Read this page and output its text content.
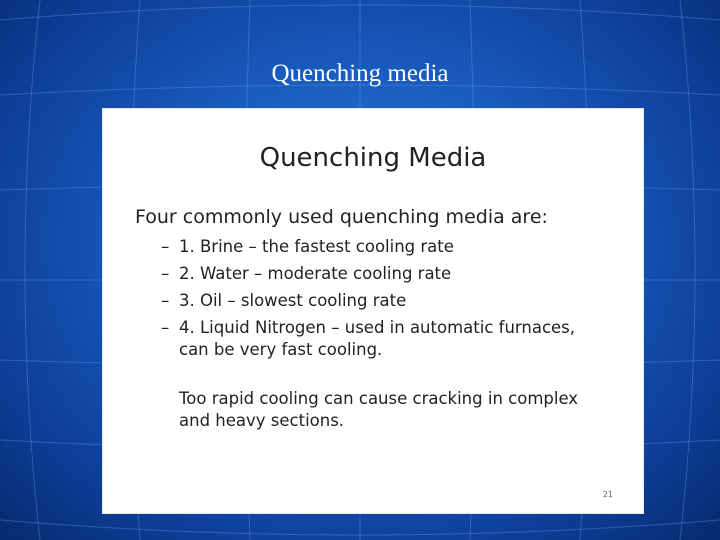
Quenching media
Quenching Media
Four commonly used quenching media are:
– 1. Brine – the fastest cooling rate
– 2. Water – moderate cooling rate
– 3. Oil – slowest cooling rate
– 4. Liquid Nitrogen – used in automatic furnaces, can be very fast cooling.
Too rapid cooling can cause cracking in complex and heavy sections.
21
